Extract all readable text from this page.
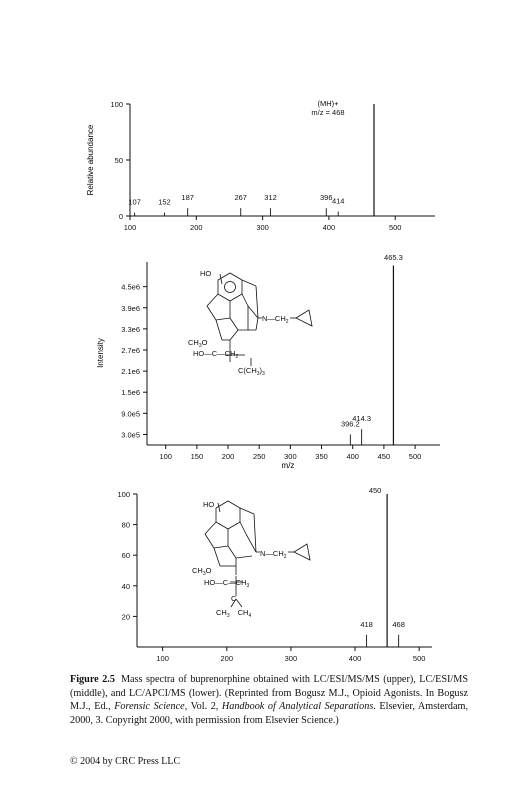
Relative abundance
100	200	300	400	500
0
50
100
107 152 187	267 312	396 414
(MH)+
m/z = 468
Intensity
m/z
100 150 200 250 300 350 400 450 500
3.0e5
9.0e5
1.5e6
2.1e6
2.7e6
3.3e6
3.9e6
4.5e6
396.2
414.3
465.3
100	200	300	400	500
20
40
60
80
100
418
450
468
HO
$N—CH_2$
$CH_3O$
$HO—C—CH_2$
$C(CH_3)_3$
HO
$N—CH_2$
$CH_3O$
$HO—C—CH_3$
C
$CH_3$ $CH_4$
Figure 2.5 Mass spectra of buprenorphine obtained with LC/ESI/MS/MS (upper), LC/ESI/MS (middle), and LC/APCI/MS (lower). (Reprinted from Bogusz M.J., Opioid Agonists. In Bogusz M.J., Ed., Forensic Science, Vol. 2, Handbook of Analytical Separations. Elsevier, Amsterdam, 2000, 3. Copyright 2000, with permission from Elsevier Science.)
© 2004 by CRC Press LLC
